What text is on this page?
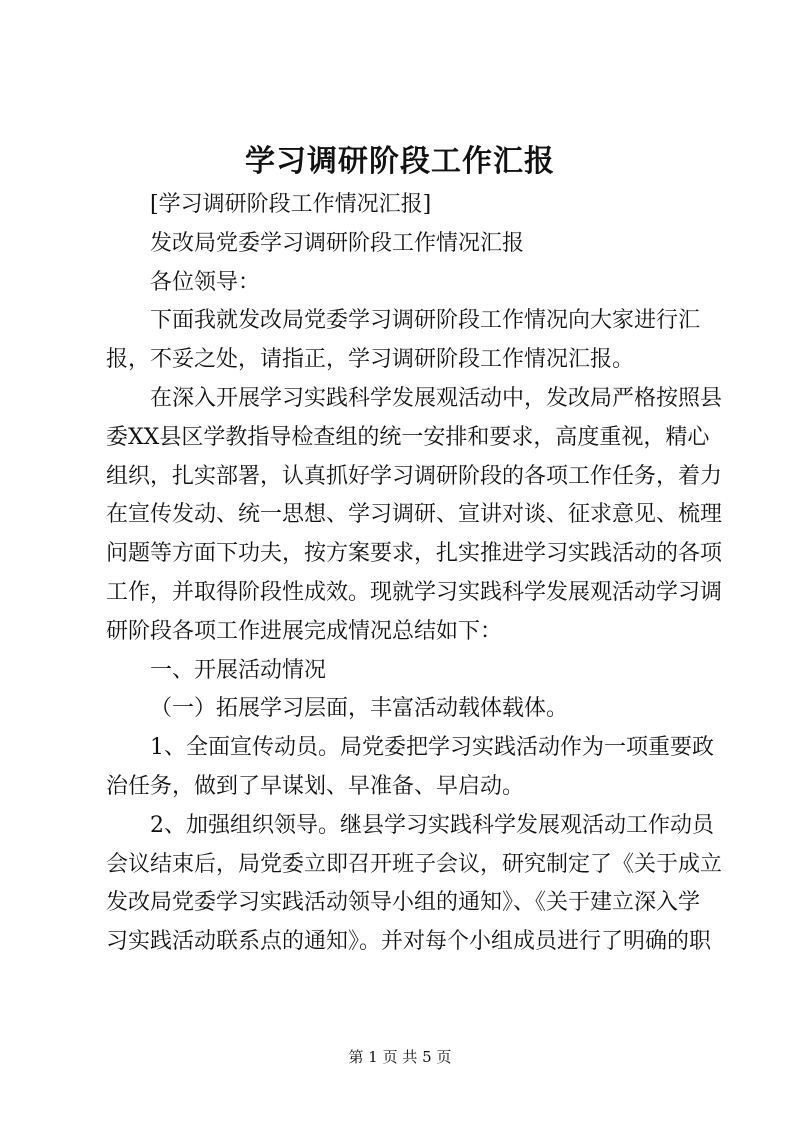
学习调研阶段工作汇报
[学习调研阶段工作情况汇报]
发改局党委学习调研阶段工作情况汇报
各位领导：
下面我就发改局党委学习调研阶段工作情况向大家进行汇
报，不妥之处，请指正，学习调研阶段工作情况汇报。
在深入开展学习实践科学发展观活动中，发改局严格按照县
委XX县区学教指导检查组的统一安排和要求，高度重视，精心
组织，扎实部署，认真抓好学习调研阶段的各项工作任务，着力
在宣传发动、统一思想、学习调研、宣讲对谈、征求意见、梳理
问题等方面下功夫，按方案要求，扎实推进学习实践活动的各项
工作，并取得阶段性成效。现就学习实践科学发展观活动学习调
研阶段各项工作进展完成情况总结如下：
一、开展活动情况
（一）拓展学习层面，丰富活动载体载体。
1、全面宣传动员。局党委把学习实践活动作为一项重要政
治任务，做到了早谋划、早准备、早启动。
2、加强组织领导。继县学习实践科学发展观活动工作动员
会议结束后，局党委立即召开班子会议，研究制定了《关于成立
发改局党委学习实践活动领导小组的通知》、《关于建立深入学
习实践活动联系点的通知》。并对每个小组成员进行了明确的职
第 1 页 共 5 页
